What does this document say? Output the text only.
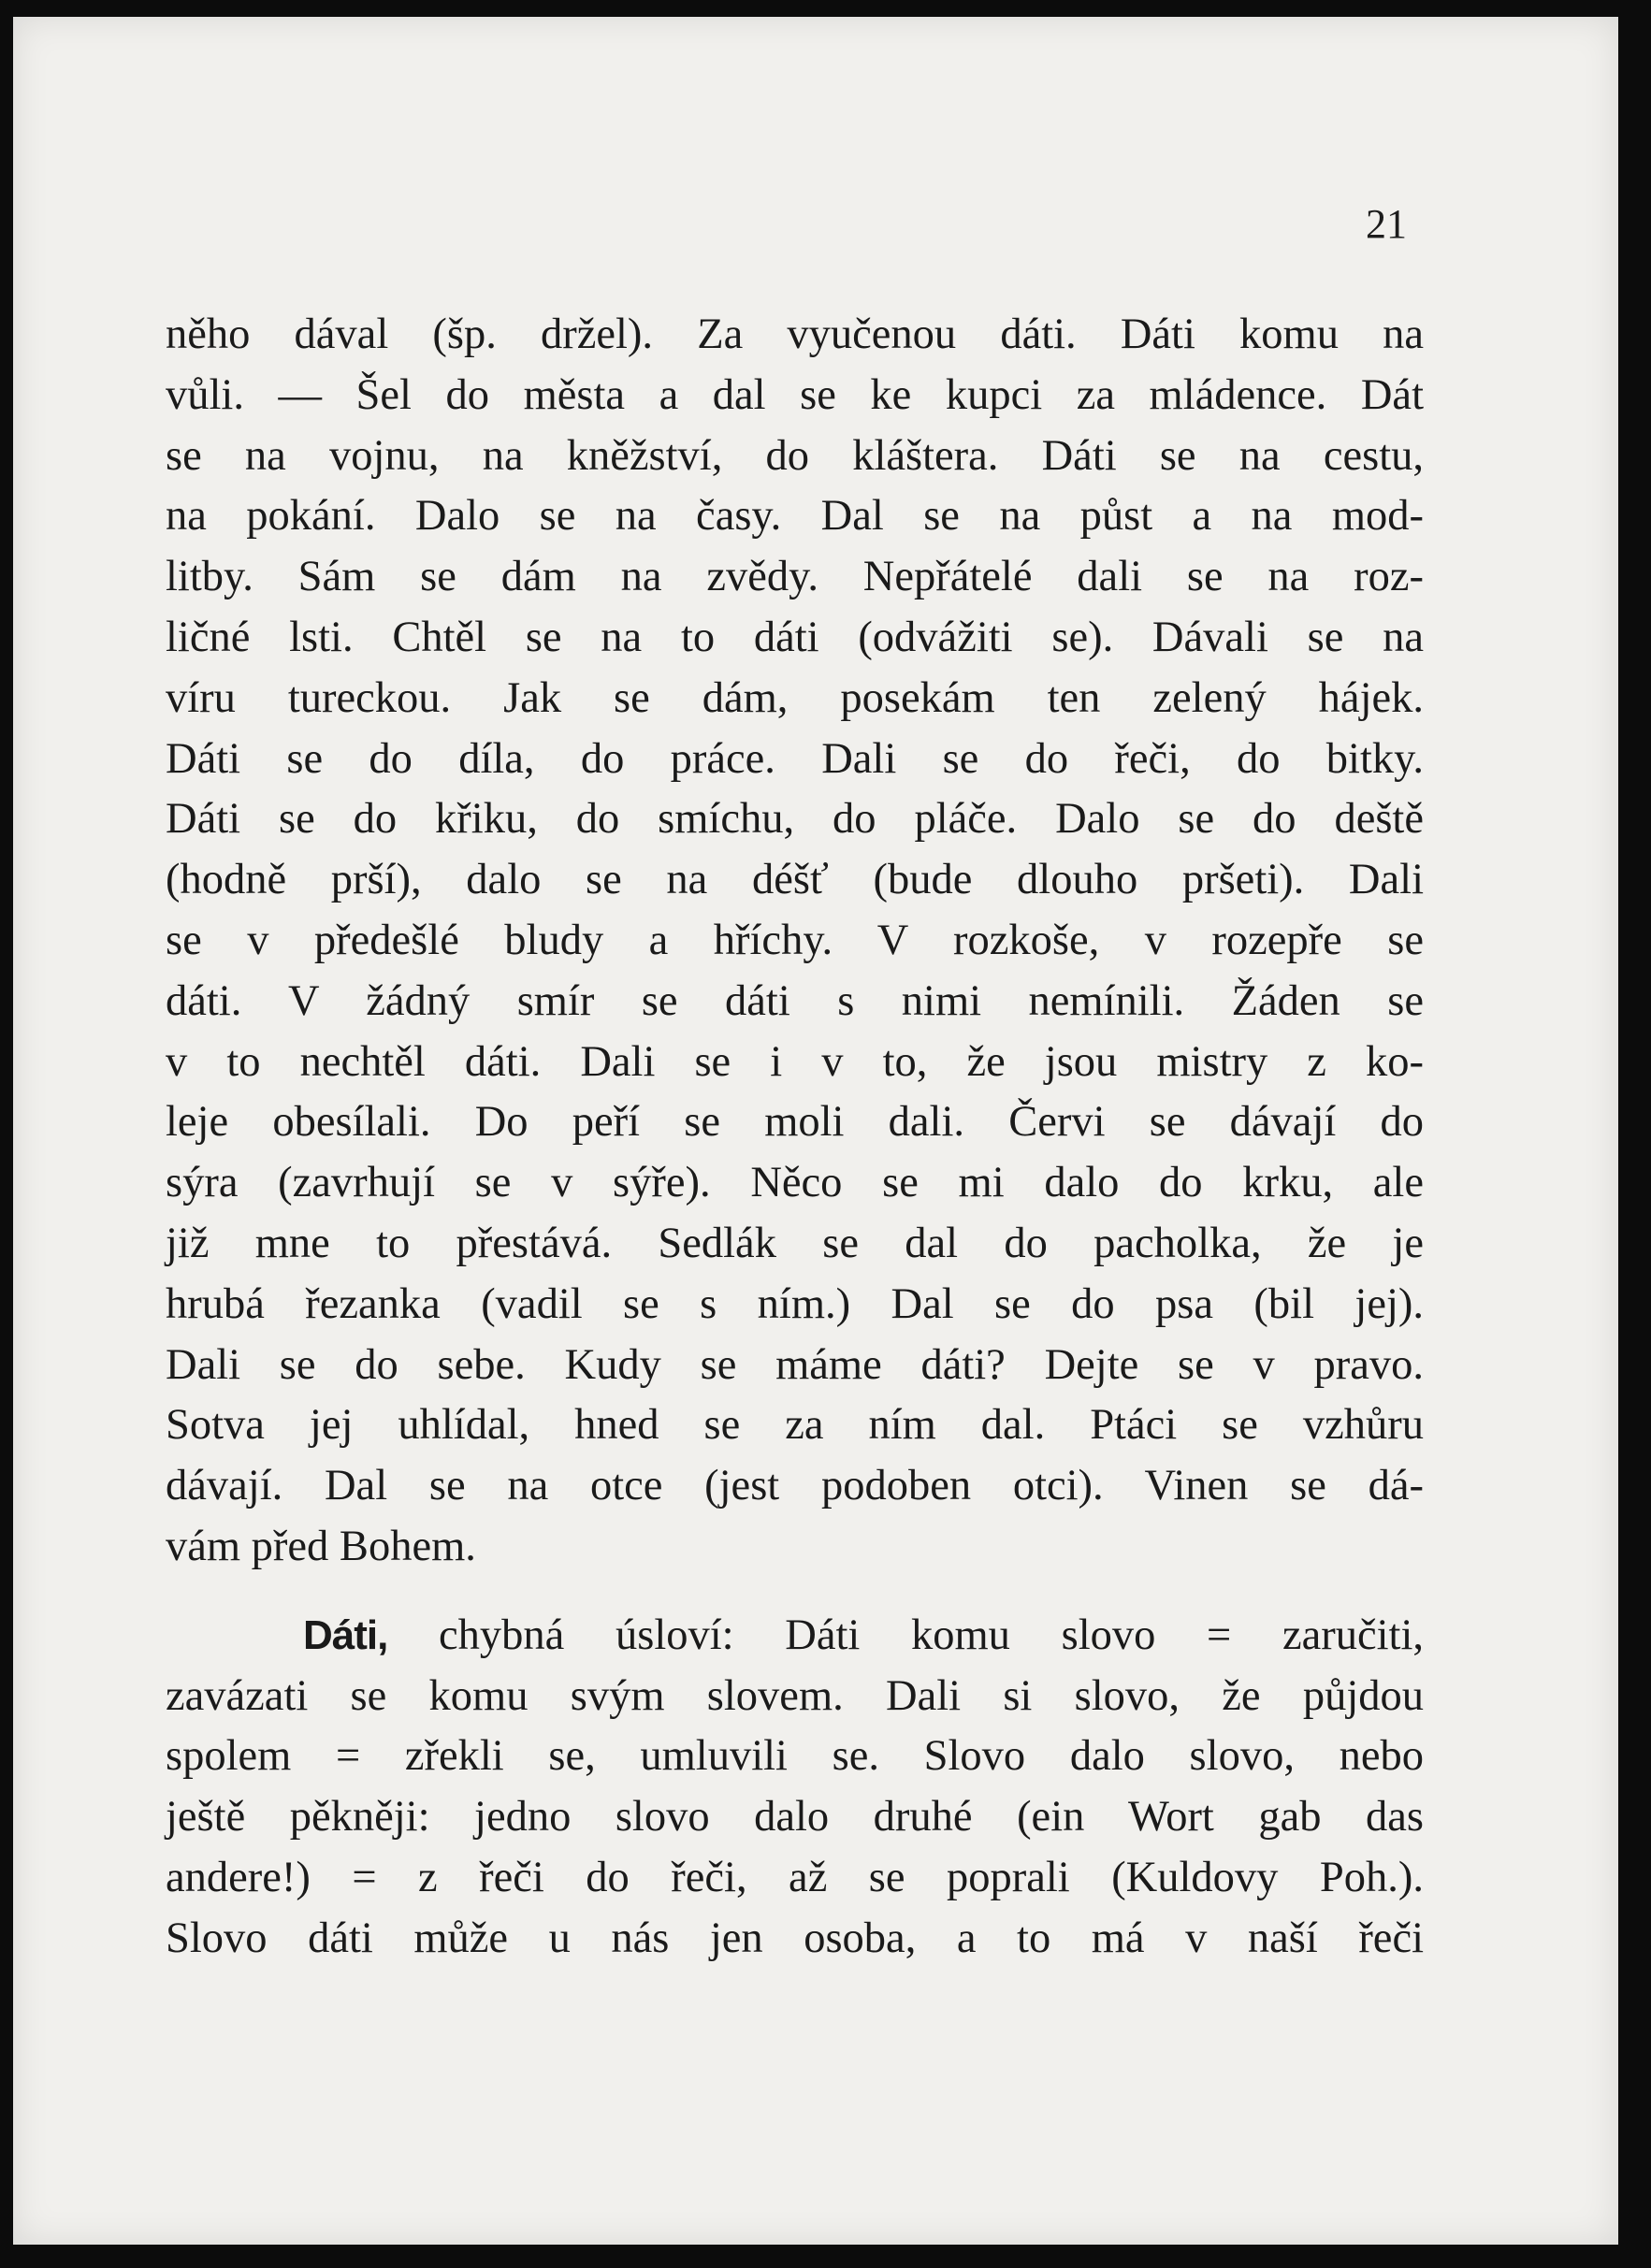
21
něho dával (šp. držel). Za vyučenou dáti. Dáti komu na
vůli. — Šel do města a dal se ke kupci za mládence. Dát
se na vojnu, na kněžství, do kláštera. Dáti se na cestu,
na pokání. Dalo se na časy. Dal se na půst a na mod-
litby. Sám se dám na zvědy. Nepřátelé dali se na roz-
ličné lsti. Chtěl se na to dáti (odvážiti se). Dávali se na
víru tureckou. Jak se dám, posekám ten zelený hájek.
Dáti se do díla, do práce. Dali se do řeči, do bitky.
Dáti se do křiku, do smíchu, do pláče. Dalo se do deště
(hodně prší), dalo se na déšť (bude dlouho pršeti). Dali
se v předešlé bludy a hříchy. V rozkoše, v rozepře se
dáti. V žádný smír se dáti s nimi nemínili. Žáden se
v to nechtěl dáti. Dali se i v to, že jsou mistry z ko-
leje obesílali. Do peří se moli dali. Červi se dávají do
sýra (zavrhují se v sýře). Něco se mi dalo do krku, ale
již mne to přestává. Sedlák se dal do pacholka, že je
hrubá řezanka (vadil se s ním.) Dal se do psa (bil jej).
Dali se do sebe. Kudy se máme dáti? Dejte se v pravo.
Sotva jej uhlídal, hned se za ním dal. Ptáci se vzhůru
dávají. Dal se na otce (jest podoben otci). Vinen se dá-
vám před Bohem.
Dáti, chybná úsloví: Dáti komu slovo = zaručiti,
zavázati se komu svým slovem. Dali si slovo, že půjdou
spolem = zřekli se, umluvili se. Slovo dalo slovo, nebo
ještě pěkněji: jedno slovo dalo druhé (ein Wort gab das
andere!) = z řeči do řeči, až se poprali (Kuldovy Poh.).
Slovo dáti může u nás jen osoba, a to má v naší řeči
